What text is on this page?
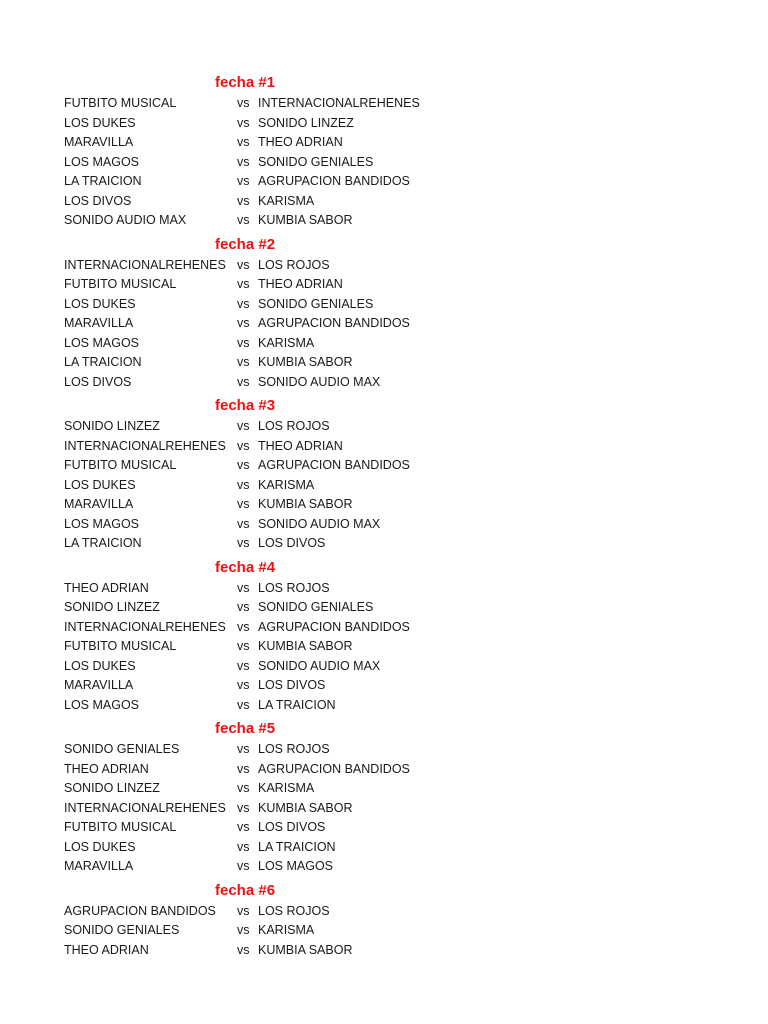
fecha #1
FUTBITO MUSICAL	vs INTERNACIONALREHENES
LOS DUKES	vs SONIDO LINZEZ
MARAVILLA	vs THEO ADRIAN
LOS MAGOS	vs SONIDO GENIALES
LA TRAICION	vs AGRUPACION BANDIDOS
LOS DIVOS	vs KARISMA
SONIDO AUDIO MAX	vs KUMBIA SABOR
fecha #2
INTERNACIONALREHENES vs LOS ROJOS
FUTBITO MUSICAL	vs THEO ADRIAN
LOS DUKES	vs SONIDO GENIALES
MARAVILLA	vs AGRUPACION BANDIDOS
LOS MAGOS	vs KARISMA
LA TRAICION	vs KUMBIA SABOR
LOS DIVOS	vs SONIDO AUDIO MAX
fecha #3
SONIDO LINZEZ	vs LOS ROJOS
INTERNACIONALREHENES vs THEO ADRIAN
FUTBITO MUSICAL	vs AGRUPACION BANDIDOS
LOS DUKES	vs KARISMA
MARAVILLA	vs KUMBIA SABOR
LOS MAGOS	vs SONIDO AUDIO MAX
LA TRAICION	vs LOS DIVOS
fecha #4
THEO ADRIAN	vs LOS ROJOS
SONIDO LINZEZ	vs SONIDO GENIALES
INTERNACIONALREHENES vs AGRUPACION BANDIDOS
FUTBITO MUSICAL	vs KUMBIA SABOR
LOS DUKES	vs SONIDO AUDIO MAX
MARAVILLA	vs LOS DIVOS
LOS MAGOS	vs LA TRAICION
fecha #5
SONIDO GENIALES	vs LOS ROJOS
THEO ADRIAN	vs AGRUPACION BANDIDOS
SONIDO LINZEZ	vs KARISMA
INTERNACIONALREHENES vs KUMBIA SABOR
FUTBITO MUSICAL	vs LOS DIVOS
LOS DUKES	vs LA TRAICION
MARAVILLA	vs LOS MAGOS
fecha #6
AGRUPACION BANDIDOS vs LOS ROJOS
SONIDO GENIALES	vs KARISMA
THEO ADRIAN	vs KUMBIA SABOR
